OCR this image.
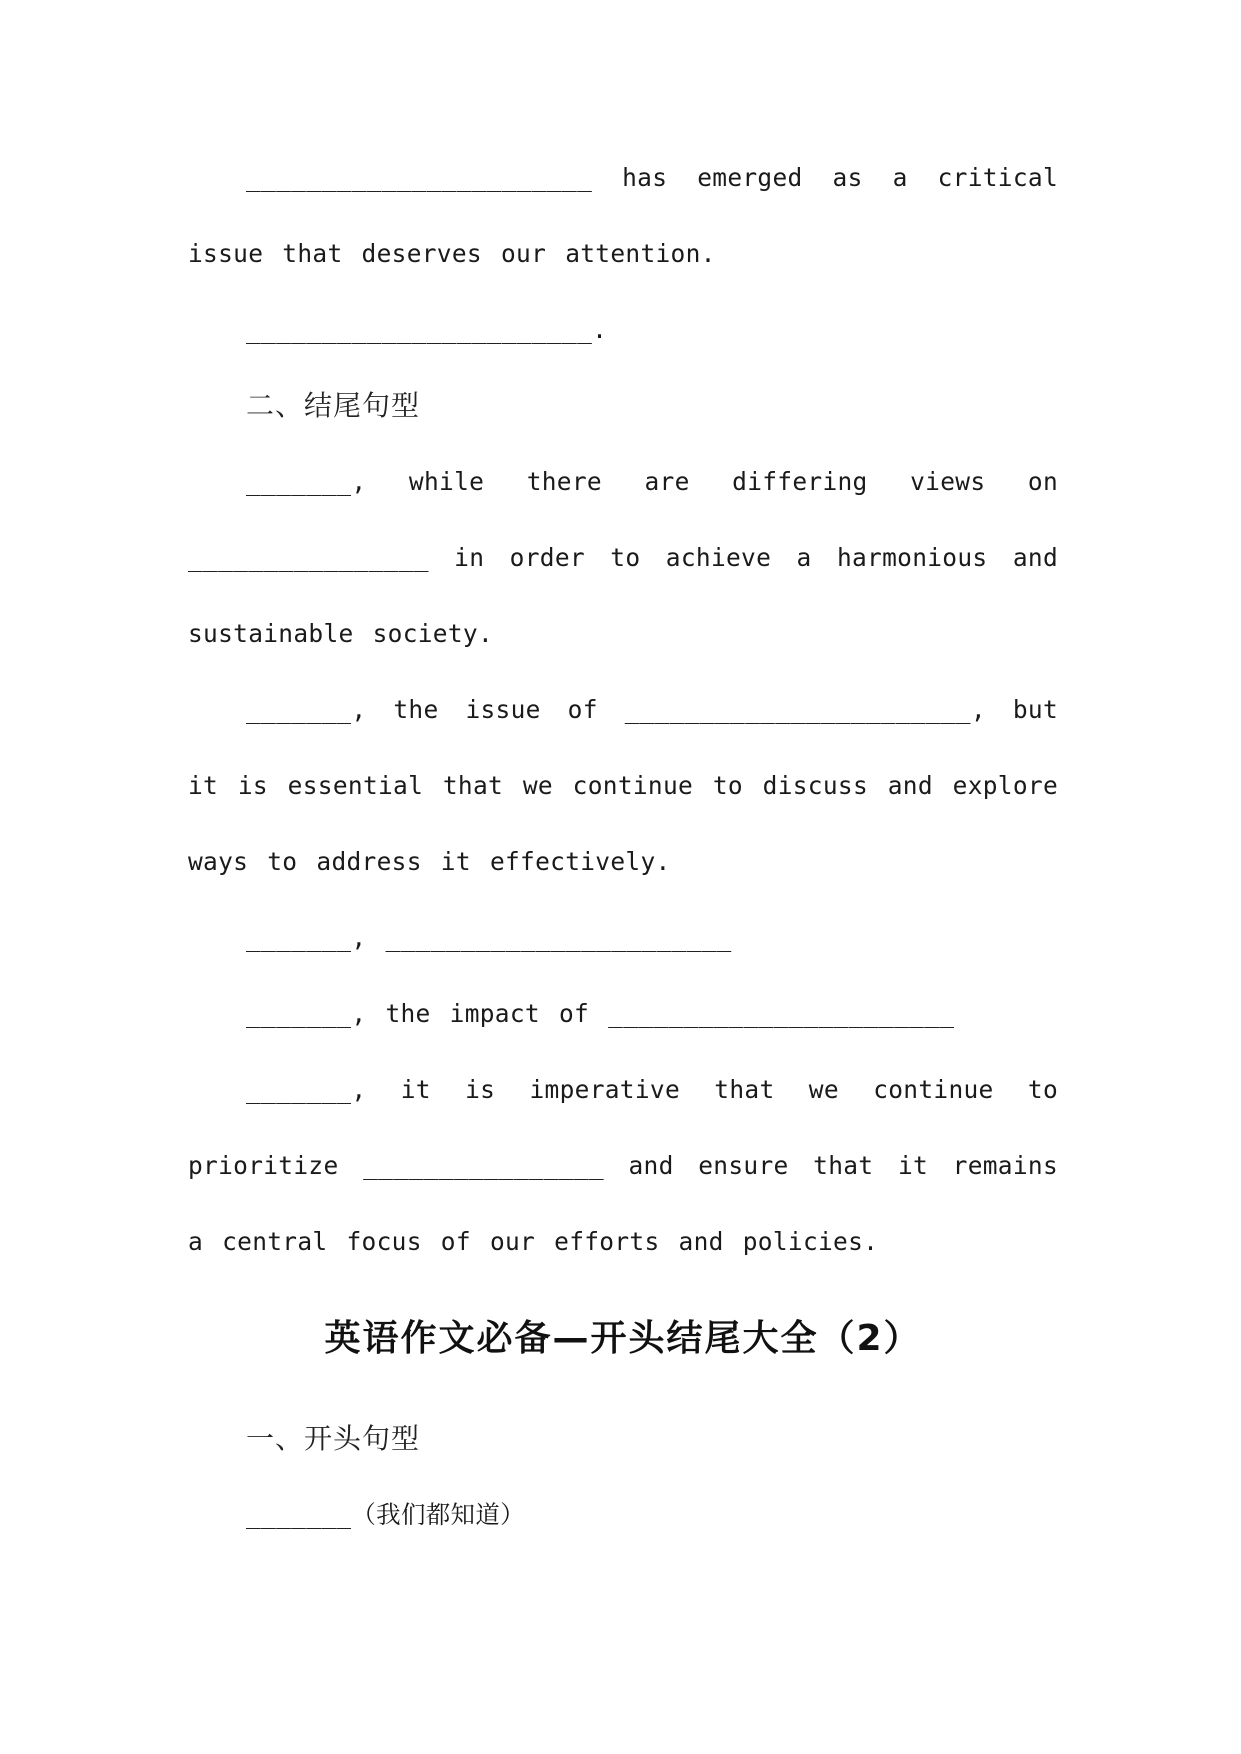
_______________________ has emerged as a critical issue that deserves our attention.

_______________________.

二、结尾句型

_______, while there are differing views on ________________ in order to achieve a harmonious and sustainable society.

_______, the issue of _______________________, but it is essential that we continue to discuss and explore ways to address it effectively.

_______, _______________________

_______, the impact of _______________________

_______, it is imperative that we continue to prioritize ________________ and ensure that it remains a central focus of our efforts and policies.

英语作文必备—开头结尾大全（2）

一、开头句型

_______（我们都知道）
